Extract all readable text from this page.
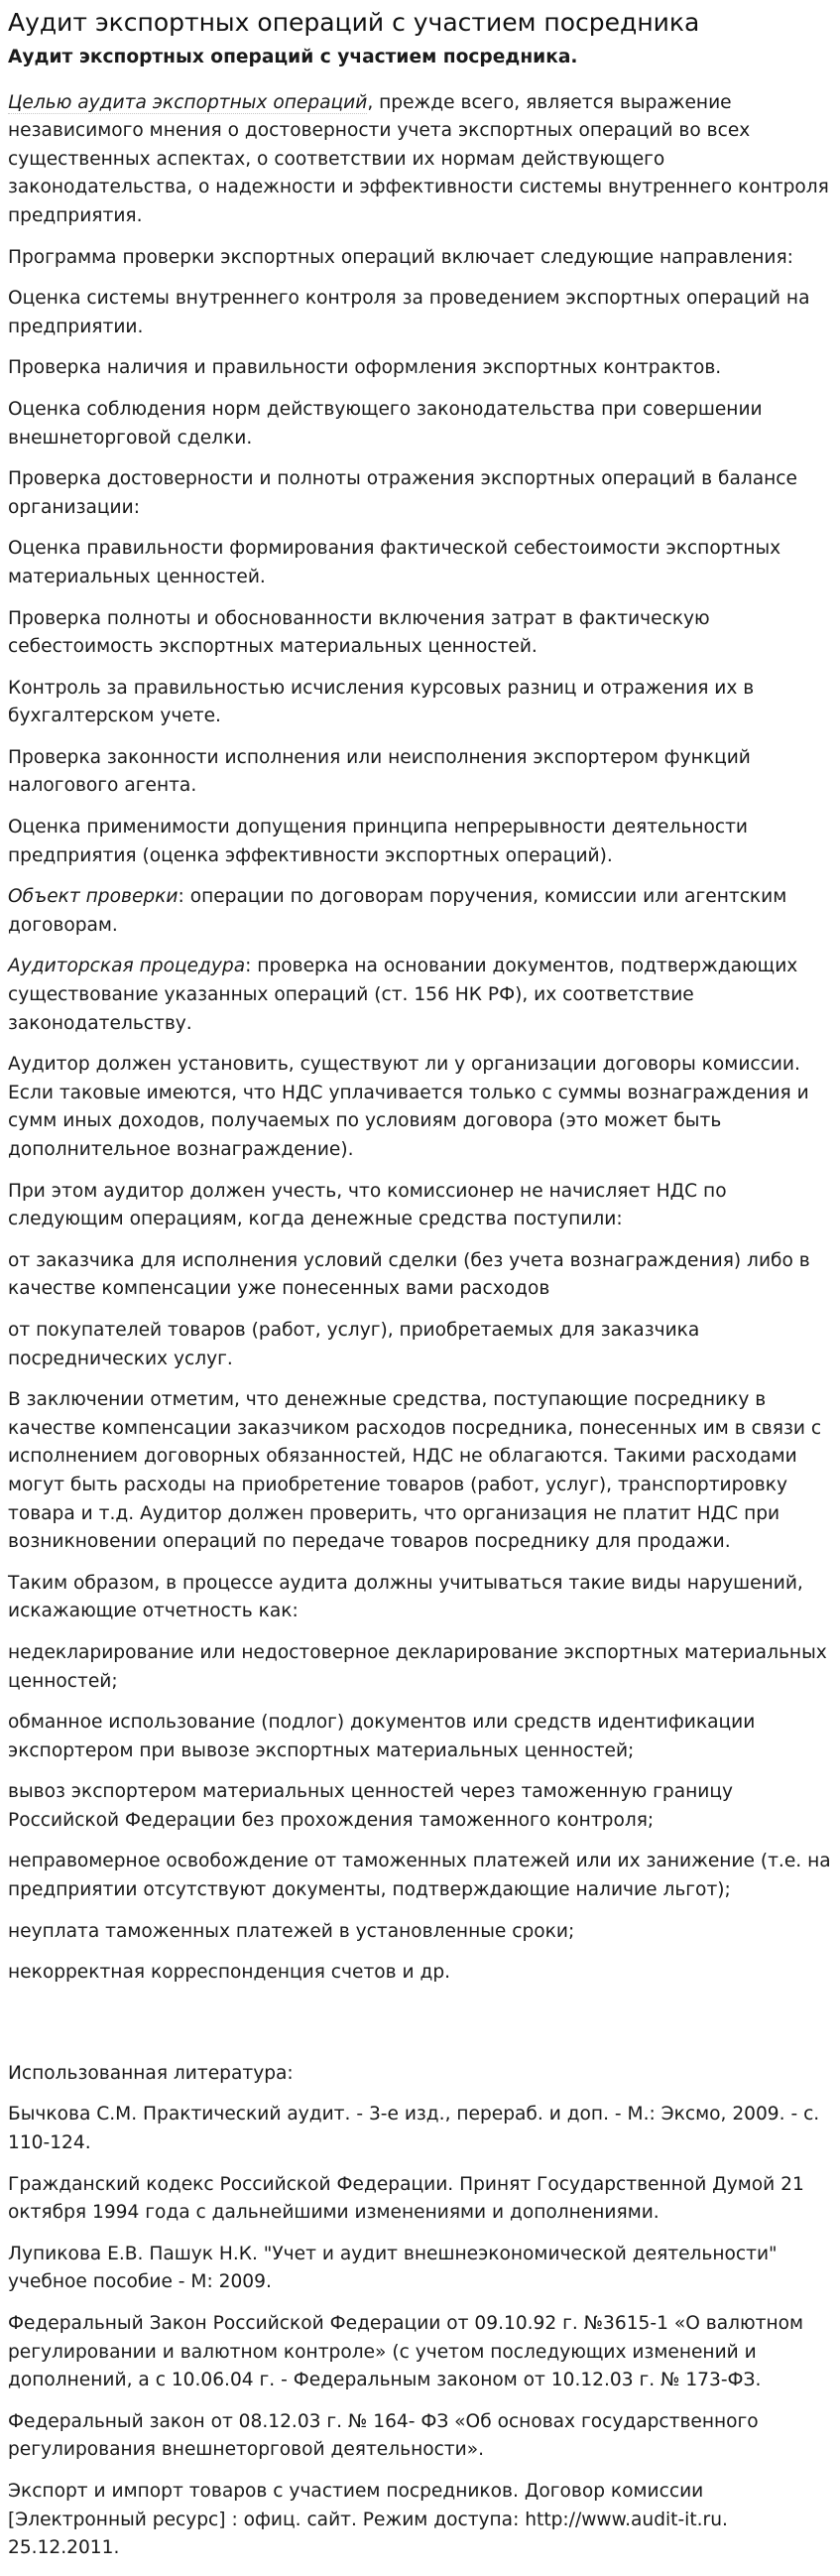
Аудит экспортных операций с участием посредника
Аудит экспортных операций с участием посредника.
Целью аудита экспортных операций, прежде всего, является выражение независимого мнения о достоверности учета экспортных операций во всех существенных аспектах, о соответствии их нормам действующего законодательства, о надежности и эффективности системы внутреннего контроля предприятия.
Программа проверки экспортных операций включает следующие направления:
Оценка системы внутреннего контроля за проведением экспортных операций на предприятии.
Проверка наличия и правильности оформления экспортных контрактов.
Оценка соблюдения норм действующего законодательства при совершении внешнеторговой сделки.
Проверка достоверности и полноты отражения экспортных операций в балансе организации:
Оценка правильности формирования фактической себестоимости экспортных материальных ценностей.
Проверка полноты и обоснованности включения затрат в фактическую себестоимость экспортных материальных ценностей.
Контроль за правильностью исчисления курсовых разниц и отражения их в бухгалтерском учете.
Проверка законности исполнения или неисполнения экспортером функций налогового агента.
Оценка применимости допущения принципа непрерывности деятельности предприятия (оценка эффективности экспортных операций).
Объект проверки: операции по договорам поручения, комиссии или агентским договорам.
Аудиторская процедура: проверка на основании документов, подтверждающих существование указанных операций (ст. 156 НК РФ), их соответствие законодательству.
Аудитор должен установить, существуют ли у организации договоры комиссии. Если таковые имеются, что НДС уплачивается только с суммы вознаграждения и сумм иных доходов, получаемых по условиям договора (это может быть дополнительное вознаграждение).
При этом аудитор должен учесть, что комиссионер не начисляет НДС по следующим операциям, когда денежные средства поступили:
от заказчика для исполнения условий сделки (без учета вознаграждения) либо в качестве компенсации уже понесенных вами расходов
от покупателей товаров (работ, услуг), приобретаемых для заказчика посреднических услуг.
В заключении отметим, что денежные средства, поступающие посреднику в качестве компенсации заказчиком расходов посредника, понесенных им в связи с исполнением договорных обязанностей, НДС не облагаются. Такими расходами могут быть расходы на приобретение товаров (работ, услуг), транспортировку товара и т.д. Аудитор должен проверить, что организация не платит НДС при возникновении операций по передаче товаров посреднику для продажи.
Таким образом, в процессе аудита должны учитываться такие виды нарушений, искажающие отчетность как:
недекларирование или недостоверное декларирование экспортных материальных ценностей;
обманное использование (подлог) документов или средств идентификации экспортером при вывозе экспортных материальных ценностей;
вывоз экспортером материальных ценностей через таможенную границу Российской Федерации без прохождения таможенного контроля;
неправомерное освобождение от таможенных платежей или их занижение (т.е. на предприятии отсутствуют документы, подтверждающие наличие льгот);
неуплата таможенных платежей в установленные сроки;
некорректная корреспонденция счетов и др.
Использованная литература:
Бычкова С.М. Практический аудит. - 3-е изд., перераб. и доп. - М.: Эксмо, 2009. - с. 110-124.
Гражданский кодекс Российской Федерации. Принят Государственной Думой 21 октября 1994 года с дальнейшими изменениями и дополнениями.
Лупикова Е.В. Пашук Н.К. "Учет и аудит внешнеэкономической деятельности" учебное пособие - М: 2009.
Федеральный Закон Российской Федерации от 09.10.92 г. №3615-1 «О валютном регулировании и валютном контроле» (с учетом последующих изменений и дополнений, а с 10.06.04 г. - Федеральным законом от 10.12.03 г. № 173-ФЗ.
Федеральный закон от 08.12.03 г. № 164- ФЗ «Об основах государственного регулирования внешнеторговой деятельности».
Экспорт и импорт товаров с участием посредников. Договор комиссии [Электронный ресурс] : офиц. сайт. Режим доступа: http://www.audit-it.ru. 25.12.2011.
